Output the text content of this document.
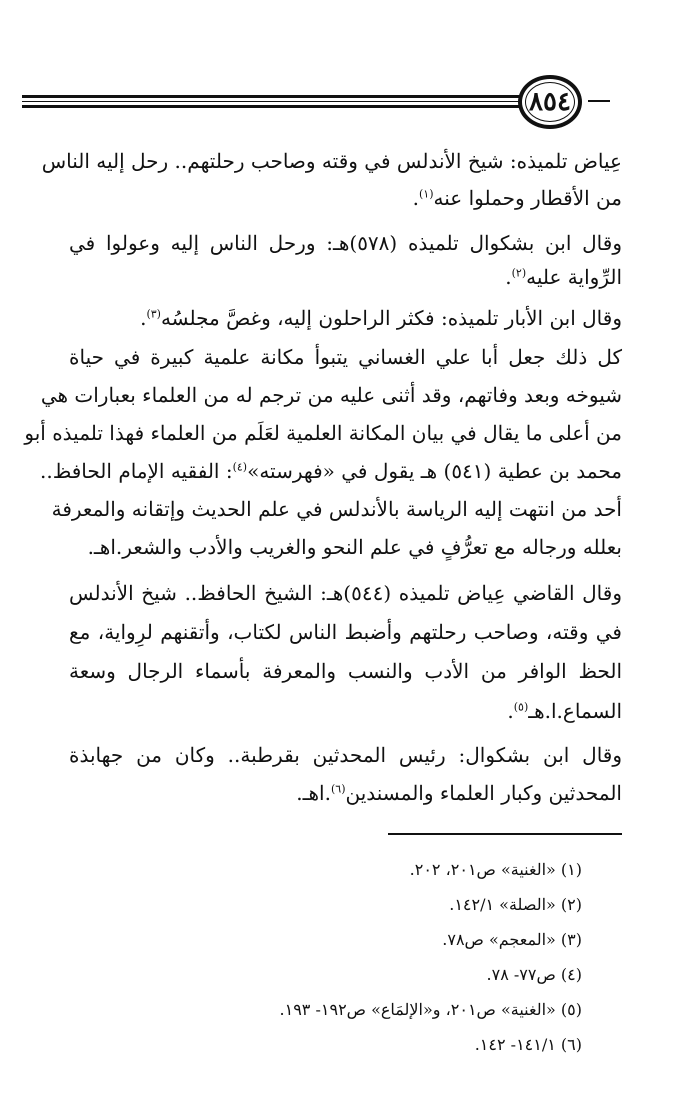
٨٥٤
عِياض تلميذه: شيخ الأندلس في وقته وصاحب رحلتهم.. رحل إليه الناس
من الأقطار وحملوا عنه$^{(١)}$.
وقال ابن بشكوال تلميذه (٥٧٨)هـ: ورحل الناس إليه وعولوا في
الرِّواية عليه$^{(٢)}$.
وقال ابن الأبار تلميذه: فكثر الراحلون إليه، وغصَّ مجلسُه$^{(٣)}$.
كل ذلك جعل أبا علي الغساني يتبوأ مكانة علمية كبيرة في حياة
شيوخه وبعد وفاتهم، وقد أثنى عليه من ترجم له من العلماء بعبارات هي
من أعلى ما يقال في بيان المكانة العلمية لعَلَم من العلماء فهذا تلميذه أبو
محمد بن عطية (٥٤١) هـ يقول في «فهرسته»$^{(٤)}$: الفقيه الإمام الحافظ..
أحد من انتهت إليه الرياسة بالأندلس في علم الحديث وإتقانه والمعرفة
بعلله ورجاله مع تعرُّفٍ في علم النحو والغريب والأدب والشعر.اهـ.
وقال القاضي عِياض تلميذه (٥٤٤)هـ: الشيخ الحافظ.. شيخ الأندلس
في وقته، وصاحب رحلتهم وأضبط الناس لكتاب، وأتقنهم لرِواية، مع
الحظ الوافر من الأدب والنسب والمعرفة بأسماء الرجال وسعة
السماع.ا.هـ$^{(٥)}$.
وقال ابن بشكوال: رئيس المحدثين بقرطبة.. وكان من جهابذة
المحدثين وكبار العلماء والمسندين$^{(٦)}$.اهـ.
(١) «الغنية» ص٢٠١، ٢٠٢.
(٢) «الصلة» ١٤٢/١.
(٣) «المعجم» ص٧٨.
(٤) ص٧٧- ٧٨.
(٥) «الغنية» ص٢٠١، و«الإلمَاع» ص١٩٢- ١٩٣.
(٦) ١٤١/١- ١٤٢.
